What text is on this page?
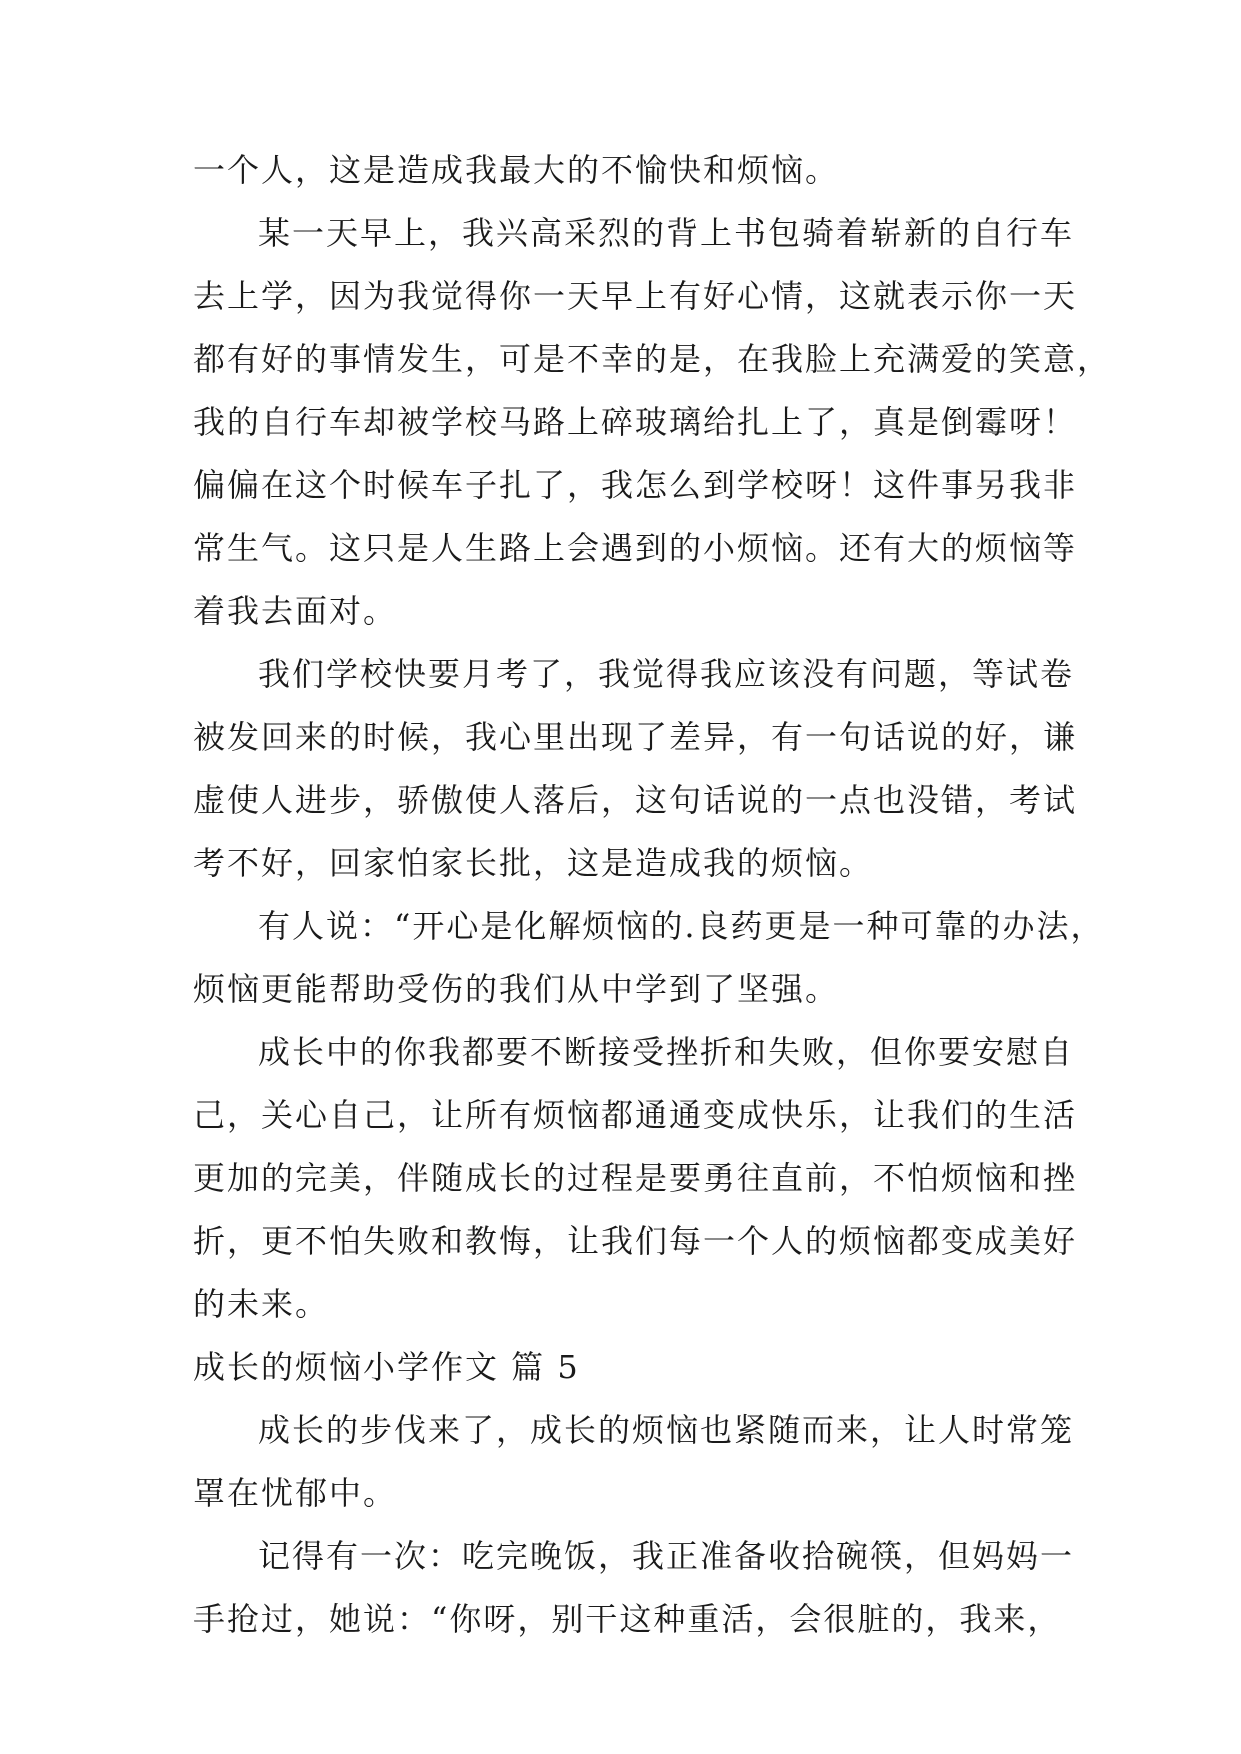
一个人，这是造成我最大的不愉快和烦恼。
某一天早上，我兴高采烈的背上书包骑着崭新的自行车
去上学，因为我觉得你一天早上有好心情，这就表示你一天
都有好的事情发生，可是不幸的是，在我脸上充满爱的笑意，
我的自行车却被学校马路上碎玻璃给扎上了，真是倒霉呀！
偏偏在这个时候车子扎了，我怎么到学校呀！这件事另我非
常生气。这只是人生路上会遇到的小烦恼。还有大的烦恼等
着我去面对。
我们学校快要月考了，我觉得我应该没有问题，等试卷
被发回来的时候，我心里出现了差异，有一句话说的好，谦
虚使人进步，骄傲使人落后，这句话说的一点也没错，考试
考不好，回家怕家长批，这是造成我的烦恼。
有人说：“开心是化解烦恼的.良药更是一种可靠的办法，
烦恼更能帮助受伤的我们从中学到了坚强。
成长中的你我都要不断接受挫折和失败，但你要安慰自
己，关心自己，让所有烦恼都通通变成快乐，让我们的生活
更加的完美，伴随成长的过程是要勇往直前，不怕烦恼和挫
折，更不怕失败和教悔，让我们每一个人的烦恼都变成美好
的未来。
成长的烦恼小学作文 篇 5
成长的步伐来了，成长的烦恼也紧随而来，让人时常笼
罩在忧郁中。
记得有一次：吃完晚饭，我正准备收拾碗筷，但妈妈一
手抢过，她说：“你呀，别干这种重活，会很脏的，我来，
